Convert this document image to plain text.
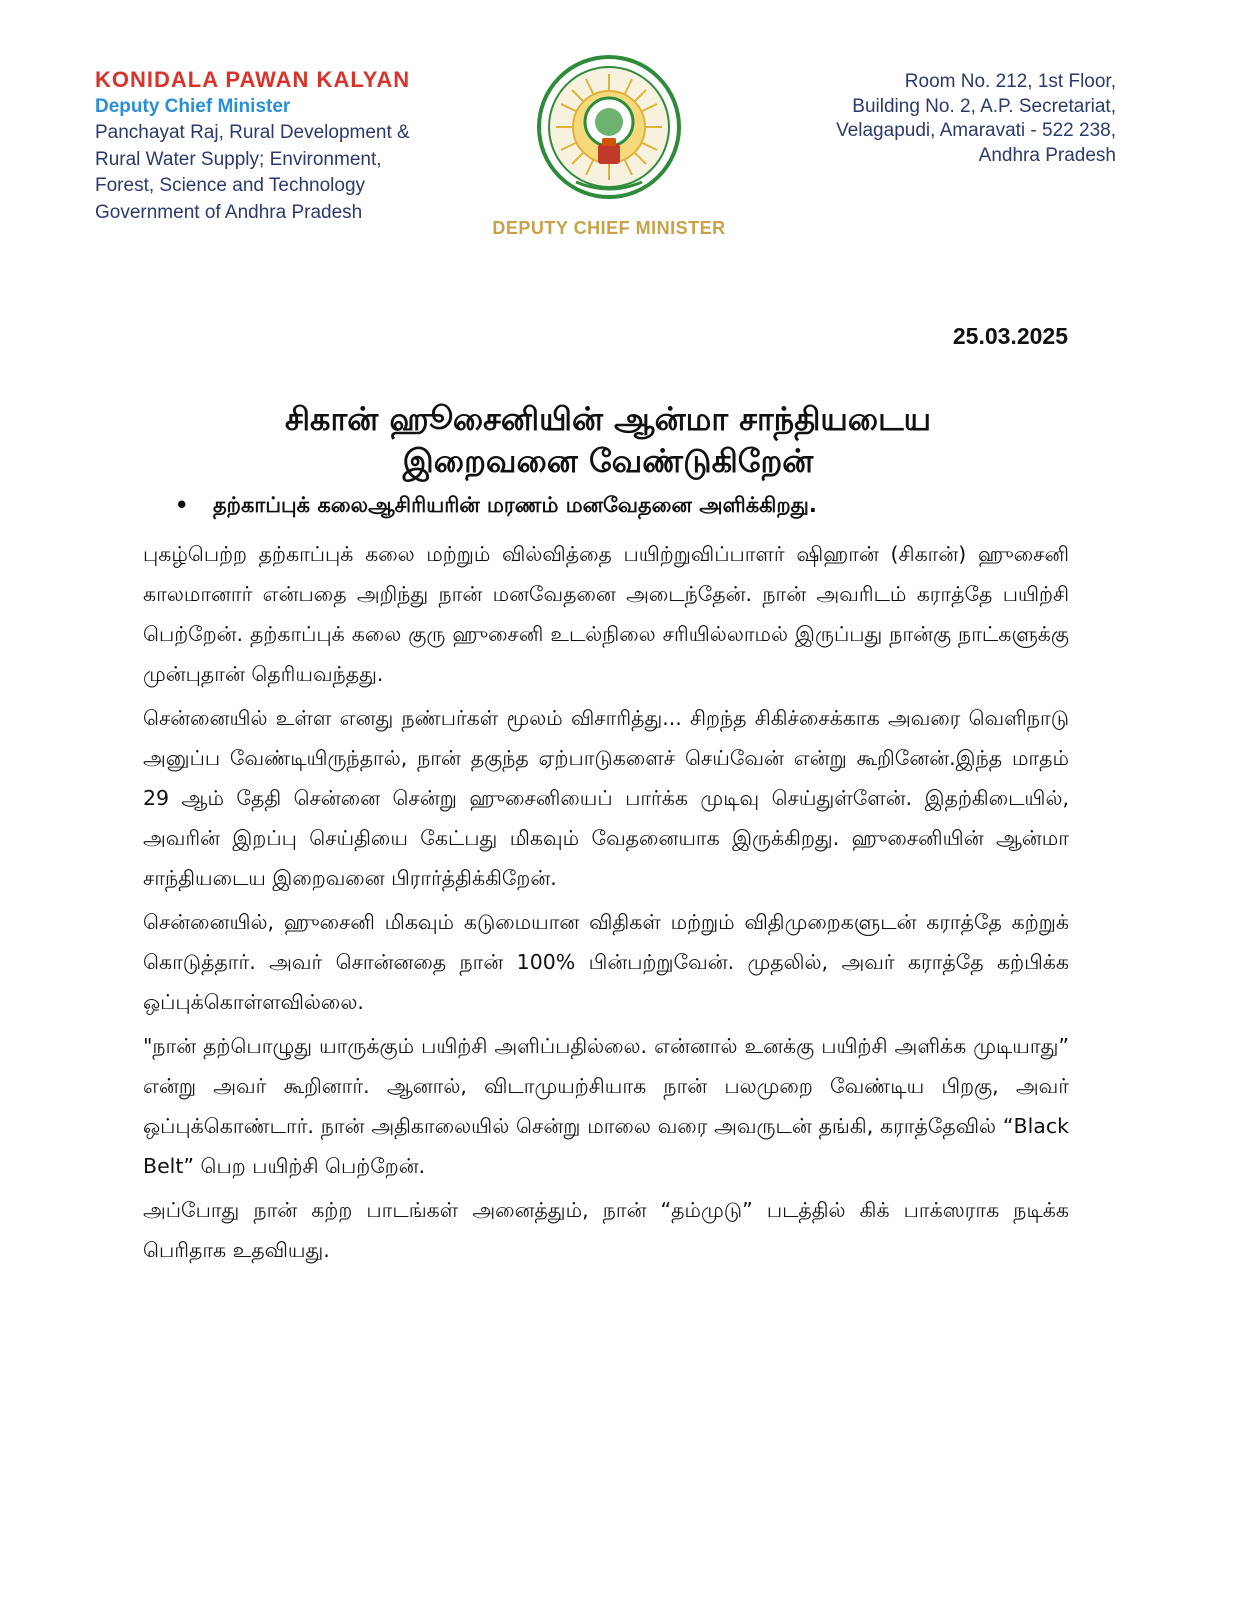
KONIDALA PAWAN KALYAN
Deputy Chief Minister
Panchayat Raj, Rural Development &
Rural Water Supply; Environment,
Forest, Science and Technology
Government of Andhra Pradesh
DEPUTY CHIEF MINISTER
Room No. 212, 1st Floor,
Building No. 2, A.P. Secretariat,
Velagapudi, Amaravati - 522 238,
Andhra Pradesh
25.03.2025
சிகான் ஹூசைனியின் ஆன்மா சாந்தியடைய
இறைவனை வேண்டுகிறேன்
• தற்காப்புக் கலைஆசிரியரின் மரணம் மனவேதனை அளிக்கிறது.

புகழ்பெற்ற தற்காப்புக் கலை மற்றும் வில்வித்தை பயிற்றுவிப்பாளர் ஷிஹான் (சிகான்) ஹுசைனி காலமானார் என்பதை அறிந்து நான் மனவேதனை அடைந்தேன். நான் அவரிடம் கராத்தே பயிற்சி பெற்றேன். தற்காப்புக் கலை குரு ஹுசைனி உடல்நிலை சரியில்லாமல் இருப்பது நான்கு நாட்களுக்கு முன்புதான் தெரியவந்தது.

சென்னையில் உள்ள எனது நண்பர்கள் மூலம் விசாரித்து... சிறந்த சிகிச்சைக்காக அவரை வெளிநாடு அனுப்ப வேண்டியிருந்தால், நான் தகுந்த ஏற்பாடுகளைச் செய்வேன் என்று கூறினேன்.இந்த மாதம் 29 ஆம் தேதி சென்னை சென்று ஹுசைனியைப் பார்க்க முடிவு செய்துள்ளேன். இதற்கிடையில், அவரின் இறப்பு செய்தியை கேட்பது மிகவும் வேதனையாக இருக்கிறது. ஹுசைனியின் ஆன்மா சாந்தியடைய இறைவனை பிரார்த்திக்கிறேன்.

சென்னையில், ஹுசைனி மிகவும் கடுமையான விதிகள் மற்றும் விதிமுறைகளுடன் கராத்தே கற்றுக் கொடுத்தார். அவர் சொன்னதை நான் 100% பின்பற்றுவேன். முதலில், அவர் கராத்தே கற்பிக்க ஒப்புக்கொள்ளவில்லை.

"நான் தற்பொழுது யாருக்கும் பயிற்சி அளிப்பதில்லை. என்னால் உனக்கு பயிற்சி அளிக்க முடியாது” என்று அவர் கூறினார். ஆனால், விடாமுயற்சியாக நான் பலமுறை வேண்டிய பிறகு, அவர் ஒப்புக்கொண்டார். நான் அதிகாலையில் சென்று மாலை வரை அவருடன் தங்கி, கராத்தேவில் “Black Belt” பெற பயிற்சி பெற்றேன்.

அப்போது நான் கற்ற பாடங்கள் அனைத்தும், நான் “தம்முடு” படத்தில் கிக் பாக்ஸராக நடிக்க பெரிதாக உதவியது.
